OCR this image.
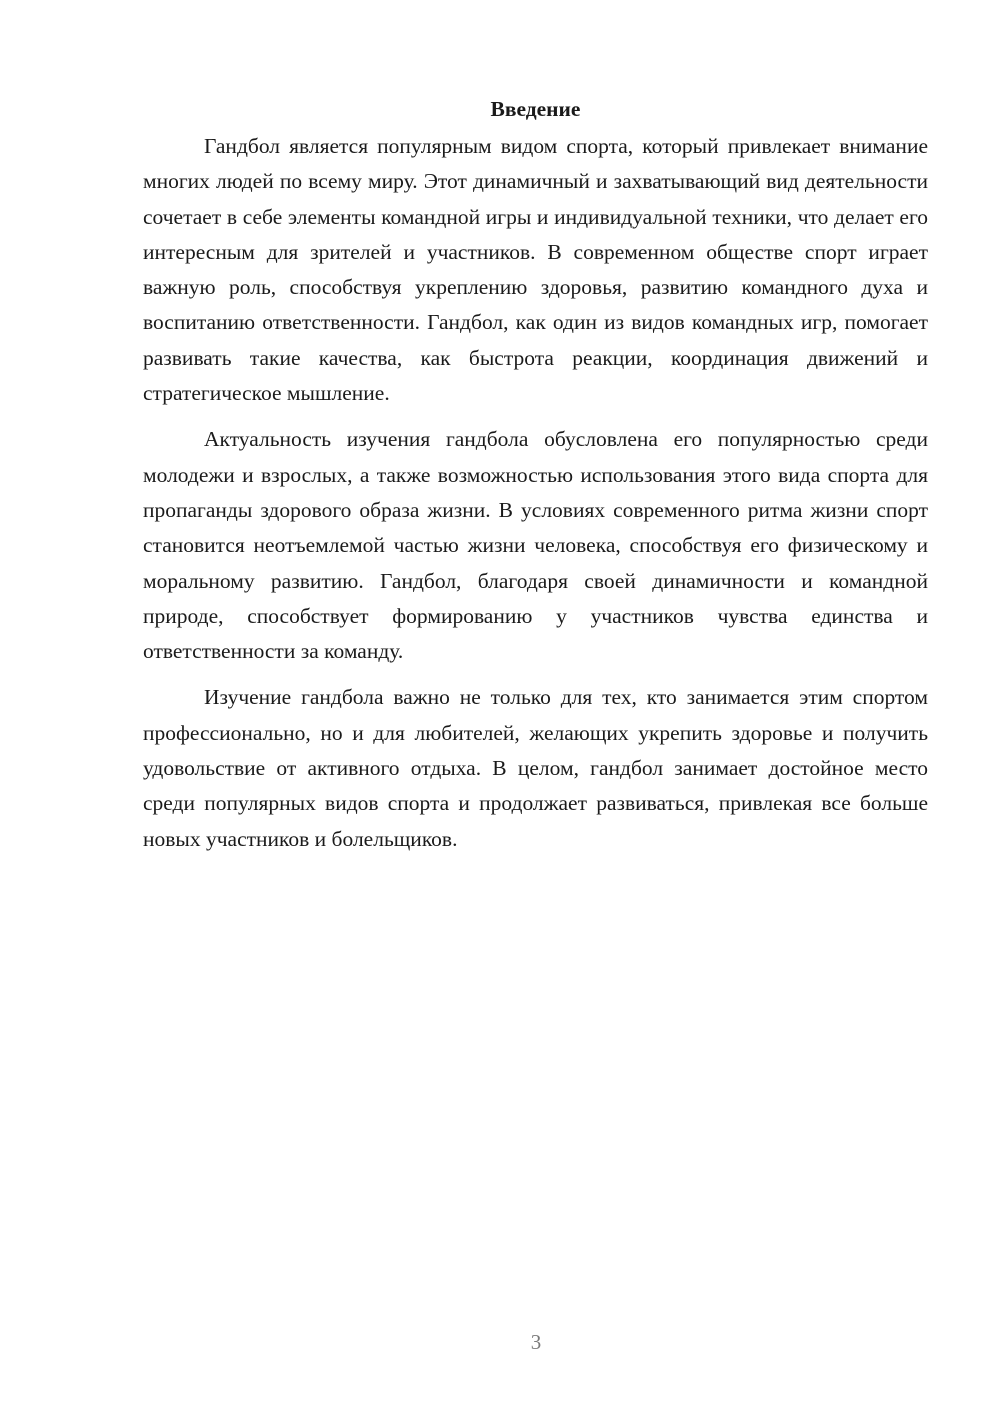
Введение

Гандбол является популярным видом спорта, который привлекает внимание многих людей по всему миру. Этот динамичный и захватывающий вид деятельности сочетает в себе элементы командной игры и индивидуальной техники, что делает его интересным для зрителей и участников. В современном обществе спорт играет важную роль, способствуя укреплению здоровья, развитию командного духа и воспитанию ответственности. Гандбол, как один из видов командных игр, помогает развивать такие качества, как быстрота реакции, координация движений и стратегическое мышление.

Актуальность изучения гандбола обусловлена его популярностью среди молодежи и взрослых, а также возможностью использования этого вида спорта для пропаганды здорового образа жизни. В условиях современного ритма жизни спорт становится неотъемлемой частью жизни человека, способствуя его физическому и моральному развитию. Гандбол, благодаря своей динамичности и командной природе, способствует формированию у участников чувства единства и ответственности за команду.

Изучение гандбола важно не только для тех, кто занимается этим спортом профессионально, но и для любителей, желающих укрепить здоровье и получить удовольствие от активного отдыха. В целом, гандбол занимает достойное место среди популярных видов спорта и продолжает развиваться, привлекая все больше новых участников и болельщиков.

3
